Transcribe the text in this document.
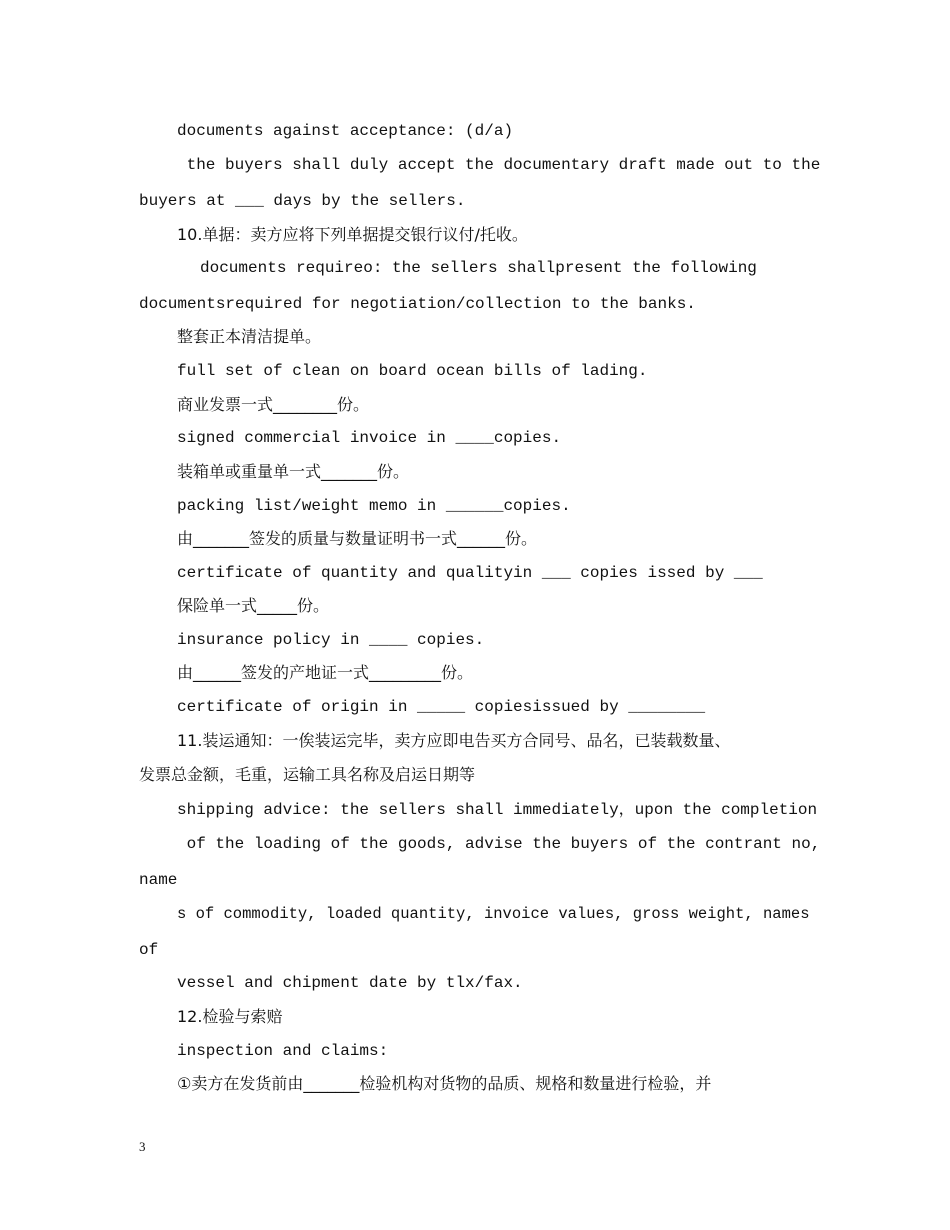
documents against acceptance: (d/a)
the buyers shall duly accept the documentary draft made out to the
buyers at ___ days by the sellers.
10.单据：卖方应将下列单据提交银行议付/托收。
documents requireo: the sellers shallpresent the following
documentsrequired for negotiation/collection to the banks.
整套正本清洁提单。
full set of clean on board ocean bills of lading.
商业发票一式________份。
signed commercial invoice in ____copies.
装箱单或重量单一式_______份。
packing list/weight memo in ______copies.
由_______签发的质量与数量证明书一式______份。
certificate of quantity and qualityin ___ copies issed by ___
保险单一式_____份。
insurance policy in ____ copies.
由______签发的产地证一式_________份。
certificate of origin in _____ copiesissued by ________
11.装运通知：一俟装运完毕，卖方应即电告买方合同号、品名，已装载数量、
发票总金额，毛重，运输工具名称及启运日期等
shipping advice: the sellers shall immediately，upon the completion
of the loading of the goods, advise the buyers of the contrant no,
name
s of commodity, loaded quantity, invoice values, gross weight, names
of
vessel and chipment date by tlx/fax.
12.检验与索赔
inspection and claims:
①卖方在发货前由_______检验机构对货物的品质、规格和数量进行检验，并
3
